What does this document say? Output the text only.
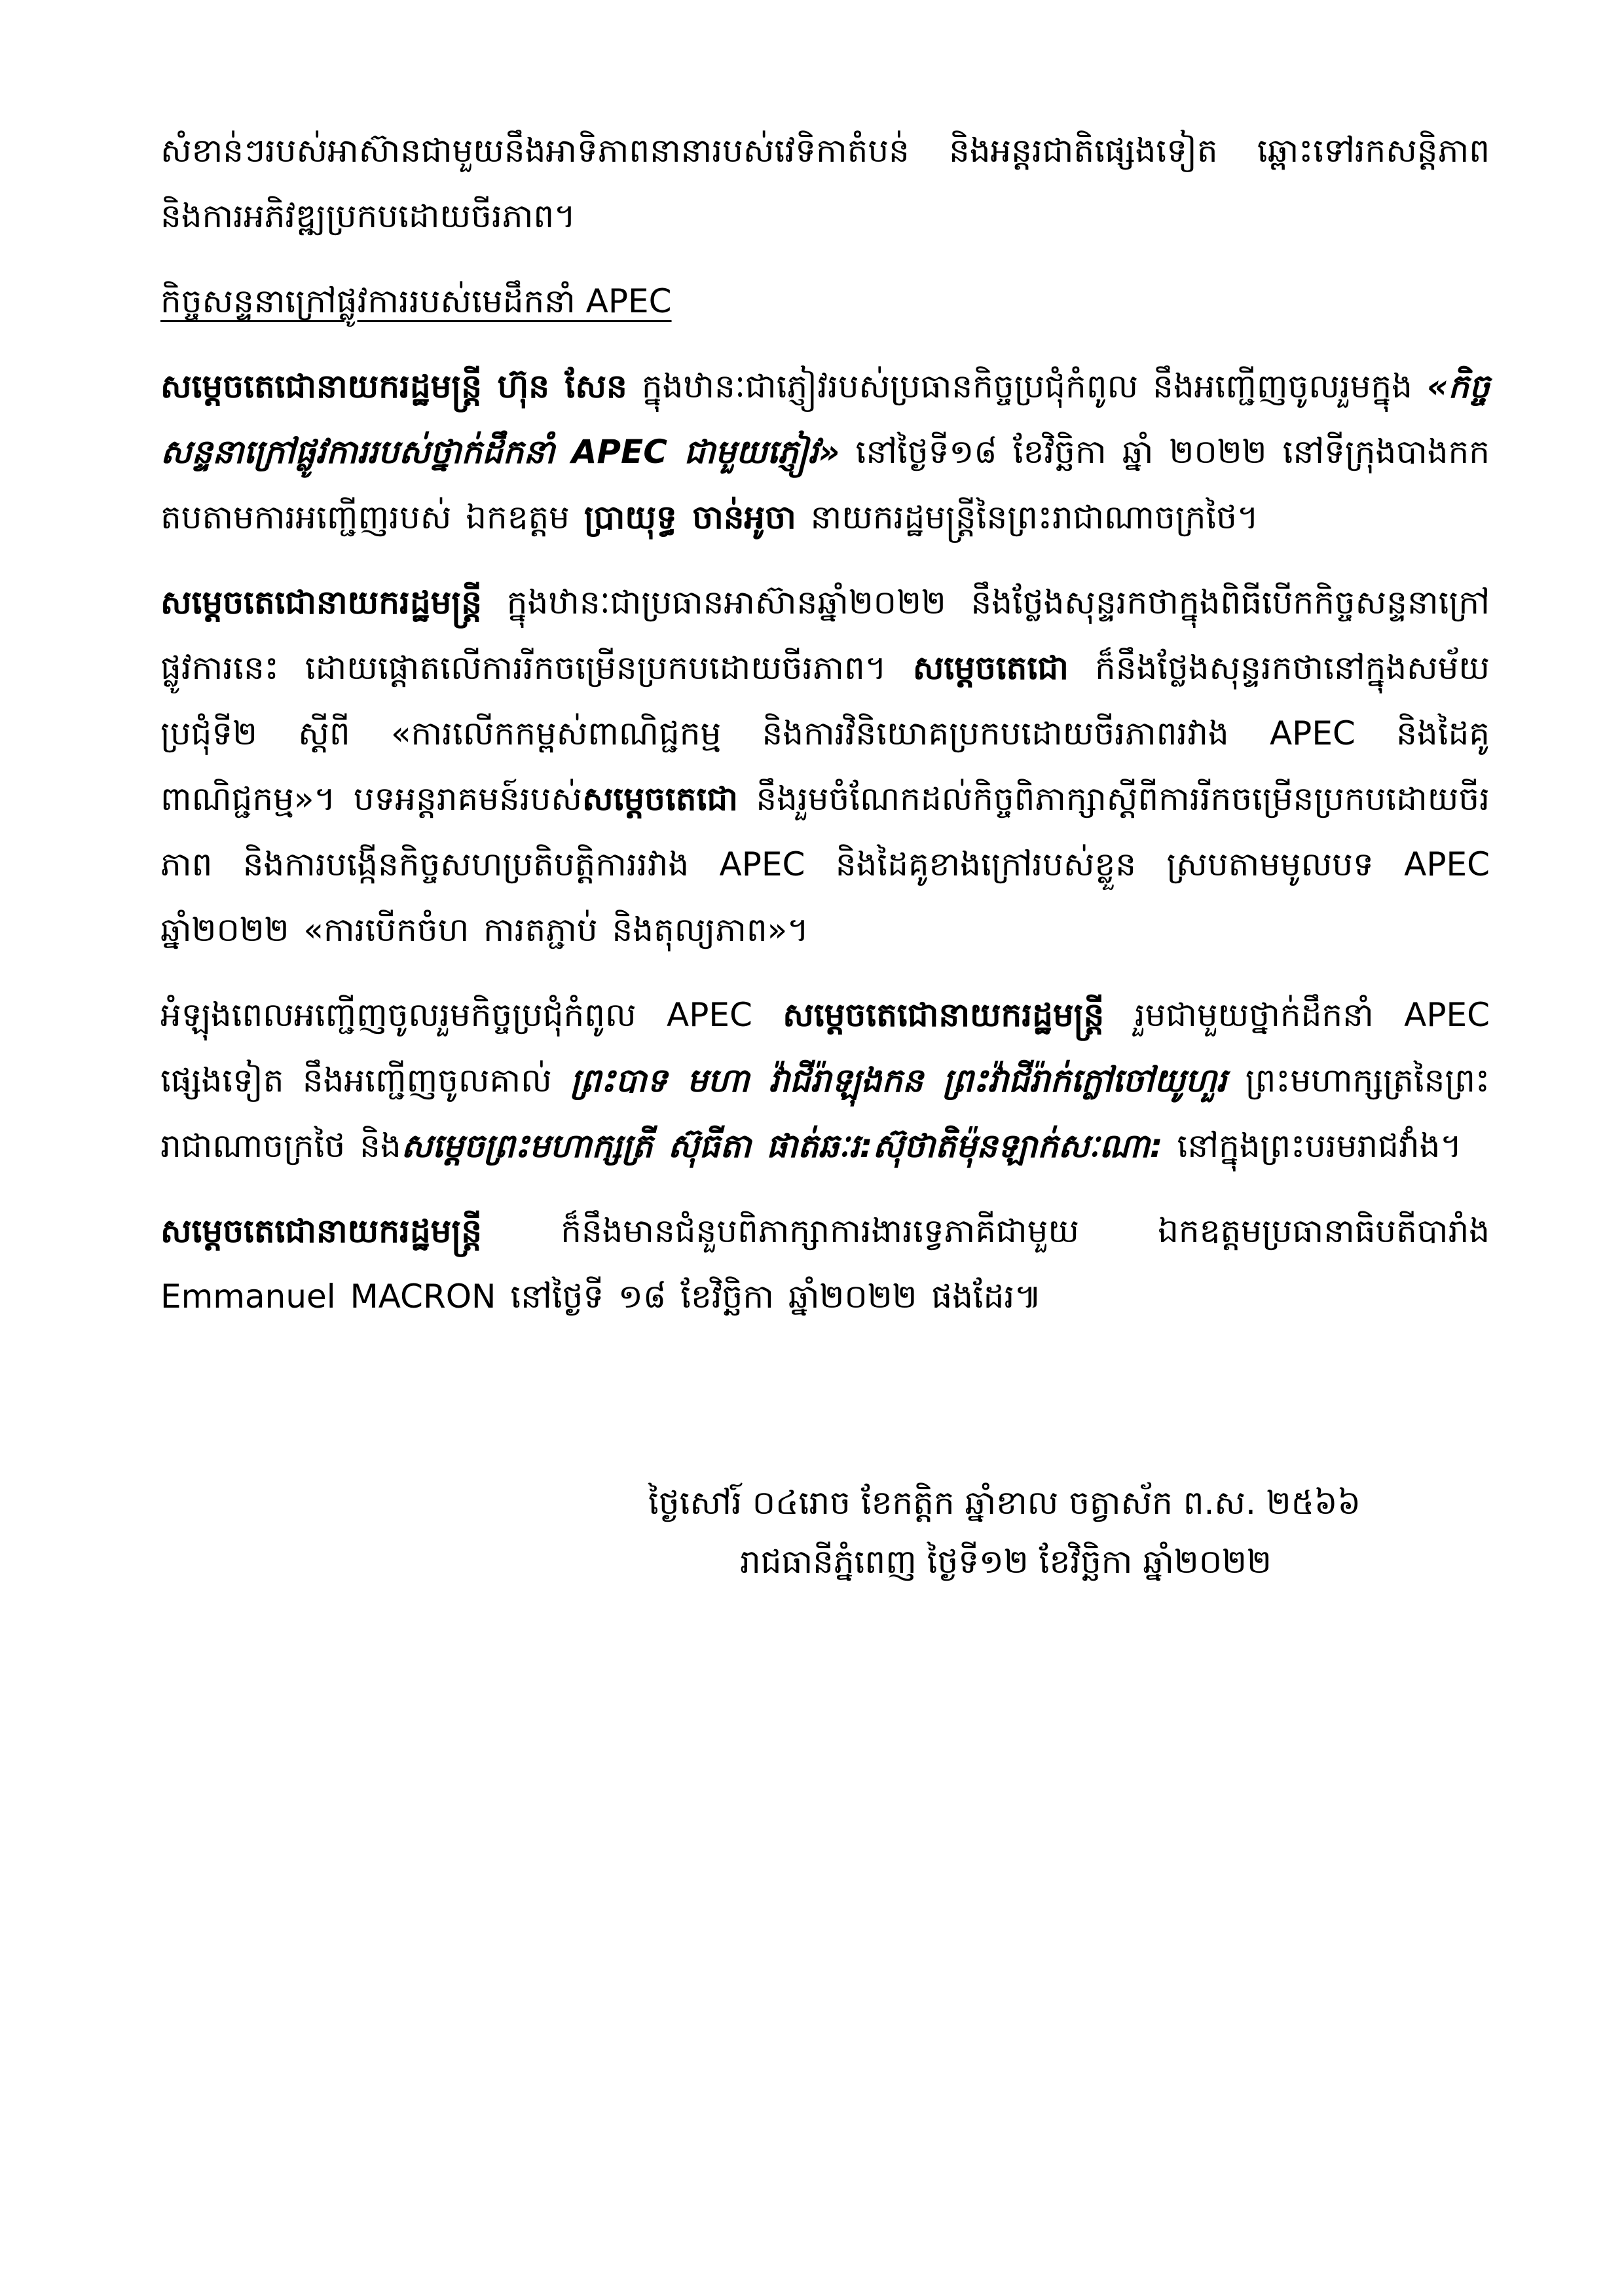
សំខាន់ៗរបស់អាស៊ានជាមួយនឹងអាទិភាពនានារបស់វេទិកាតំបន់ និងអន្តរជាតិផ្សេងទៀត ឆ្ពោះទៅរកសន្តិភាព និងការអភិវឌ្ឍប្រកបដោយចីរភាព។

កិច្ចសន្ទនាក្រៅផ្លូវការរបស់មេដឹកនាំ APEC

សម្តេចតេជោនាយករដ្ឋមន្ត្រី ហ៊ុន សែន ក្នុងឋានៈជាភ្ញៀវរបស់ប្រធានកិច្ចប្រជុំកំពូល នឹងអញ្ជើញចូលរួមក្នុង «កិច្ចសន្ទនាក្រៅផ្លូវការរបស់ថ្នាក់ដឹកនាំ APEC ជាមួយភ្ញៀវ» នៅថ្ងៃទី១៨ ខែវិច្ឆិកា ឆ្នាំ ២០២២ នៅទីក្រុងបាងកក តបតាមការអញ្ជើញរបស់ ឯកឧត្តម ប្រាយុទ្ធ ចាន់អូចា នាយករដ្ឋមន្ត្រីនៃព្រះរាជាណាចក្រថៃ។

សម្តេចតេជោនាយករដ្ឋមន្ត្រី ក្នុងឋានៈជាប្រធានអាស៊ានឆ្នាំ២០២២ នឹងថ្លែងសុន្ទរកថាក្នុងពិធីបើកកិច្ចសន្ទនាក្រៅផ្លូវការនេះ ដោយផ្តោតលើការរីកចម្រើនប្រកបដោយចីរភាព។ សម្តេចតេជោ ក៏នឹងថ្លែងសុន្ទរកថានៅក្នុងសម័យប្រជុំទី២ ស្តីពី «ការលើកកម្ពស់ពាណិជ្ជកម្ម និងការវិនិយោគប្រកបដោយចីរភាពរវាង APEC និងដៃគូពាណិជ្ជកម្ម»។ បទអន្តរាគមន៍របស់សម្តេចតេជោ នឹងរួមចំណែកដល់កិច្ចពិភាក្សាស្តីពីការរីកចម្រើនប្រកបដោយចីរភាព និងការបង្កើនកិច្ចសហប្រតិបត្តិការរវាង APEC និងដៃគូខាងក្រៅរបស់ខ្លួន ស្របតាមមូលបទ APEC ឆ្នាំ២០២២ «ការបើកចំហ ការតភ្ជាប់ និងតុល្យភាព»។

អំឡុងពេលអញ្ជើញចូលរួមកិច្ចប្រជុំកំពូល APEC សម្តេចតេជោនាយករដ្ឋមន្ត្រី រួមជាមួយថ្នាក់ដឹកនាំ APEC ផ្សេងទៀត នឹងអញ្ជើញចូលគាល់ ព្រះបាទ មហា វ៉ាជីរ៉ាឡុងកន ព្រះវ៉ាជីរ៉ាក់ក្លៅចៅយូហួរ ព្រះមហាក្សត្រនៃព្រះរាជាណាចក្រថៃ និងសម្តេចព្រះមហាក្សត្រី ស៊ុធីតា ផាត់ឆៈរ:ស៊ុថាតិម៉ុនឡាក់សៈណា: នៅក្នុងព្រះបរមរាជវាំង។

សម្តេចតេជោនាយករដ្ឋមន្ត្រី ក៏នឹងមានជំនួបពិភាក្សាការងារទ្វេភាគីជាមួយ ឯកឧត្តមប្រធានាធិបតីបារាំង Emmanuel MACRON នៅថ្ងៃទី ១៨ ខែវិច្ឆិកា ឆ្នាំ២០២២ ផងដែរ៕

ថ្ងៃសៅរ៍ ០៤រោច ខែកត្តិក ឆ្នាំខាល ចត្វាស័ក ព.ស. ២៥៦៦
រាជធានីភ្នំពេញ ថ្ងៃទី១២ ខែវិច្ឆិកា ឆ្នាំ២០២២
